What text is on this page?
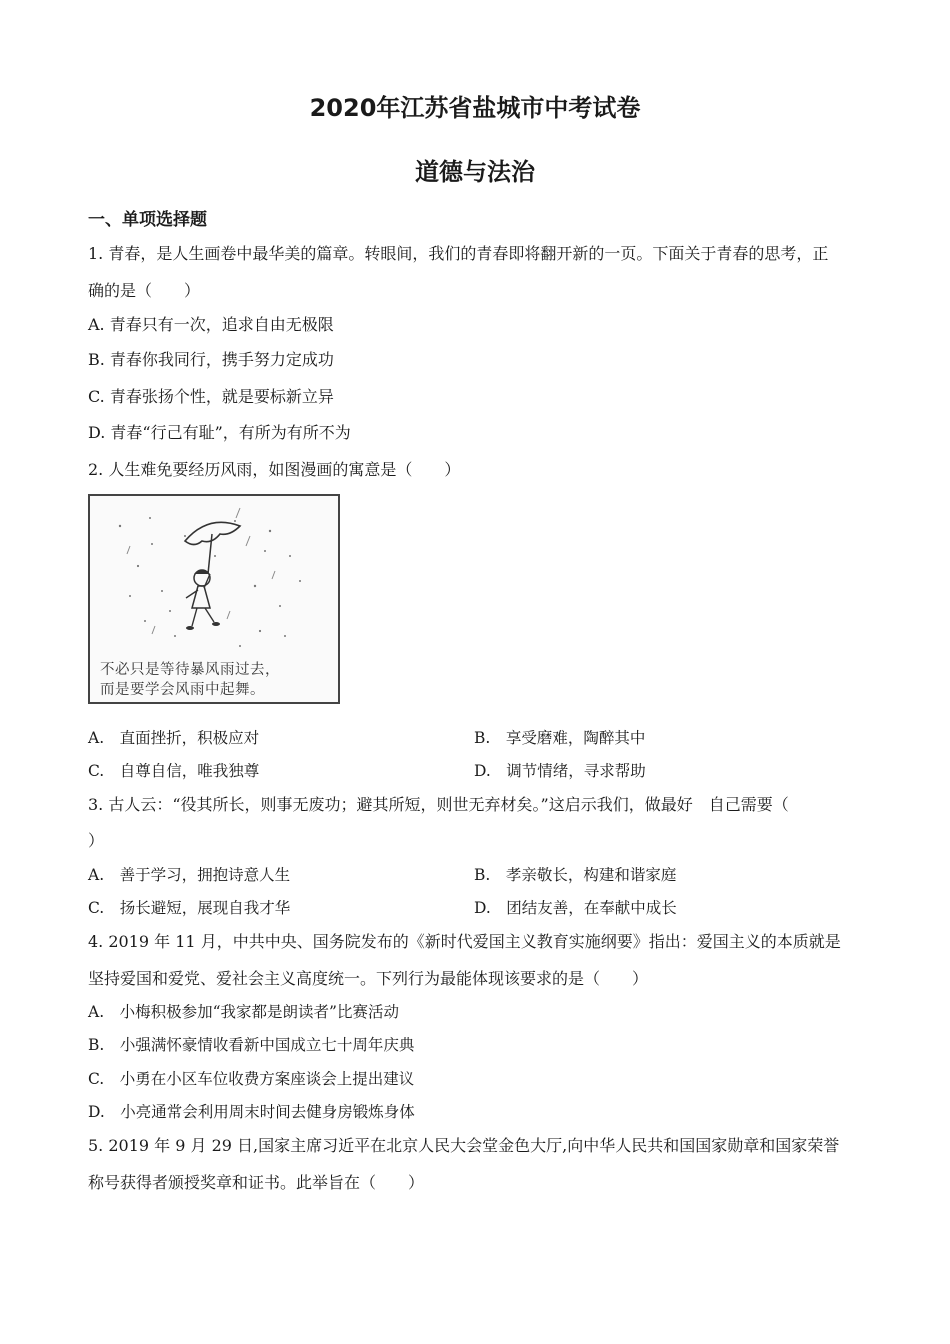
2020年江苏省盐城市中考试卷
道德与法治
一、单项选择题
1. 青春，是人生画卷中最华美的篇章。转眼间，我们的青春即将翻开新的一页。下面关于青春的思考，正
确的是（　　）
A. 青春只有一次，追求自由无极限
B. 青春你我同行，携手努力定成功
C. 青春张扬个性，就是要标新立异
D. 青春“行己有耻”，有所为有所不为
2. 人生难免要经历风雨，如图漫画的寓意是（　　）
不必只是等待暴风雨过去，
而是要学会风雨中起舞。
A.　直面挫折，积极应对	B.　享受磨难，陶醉其中
C.　自尊自信，唯我独尊	D.　调节情绪，寻求帮助
3. 古人云：“役其所长，则事无废功；避其所短，则世无弃材矣。”这启示我们，做最好　自己需要（
）
A.　善于学习，拥抱诗意人生	B.　孝亲敬长，构建和谐家庭
C.　扬长避短，展现自我才华	D.　团结友善，在奉献中成长
4. 2019 年 11 月，中共中央、国务院发布的《新时代爱国主义教育实施纲要》指出：爱国主义的本质就是
坚持爱国和爱党、爱社会主义高度统一。下列行为最能体现该要求的是（　　）
A.　小梅积极参加“我家都是朗读者”比赛活动
B.　小强满怀豪情收看新中国成立七十周年庆典
C.　小勇在小区车位收费方案座谈会上提出建议
D.　小亮通常会利用周末时间去健身房锻炼身体
5. 2019 年 9 月 29 日,国家主席习近平在北京人民大会堂金色大厅,向中华人民共和国国家勋章和国家荣誉
称号获得者颁授奖章和证书。此举旨在（　　）
